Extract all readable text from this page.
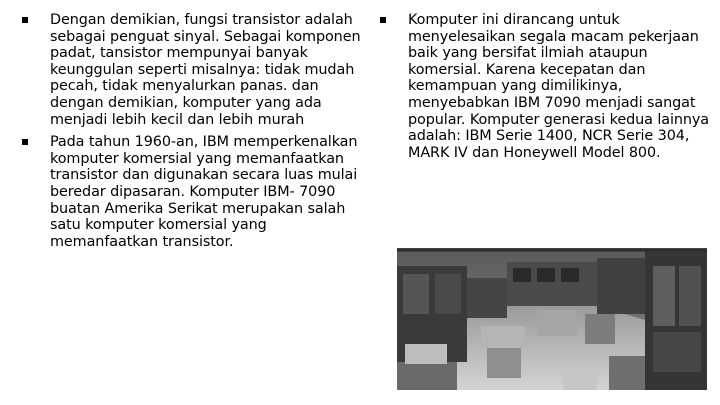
Dengan demikian, fungsi transistor adalah sebagai penguat sinyal. Sebagai komponen padat, tansistor mempunyai banyak keunggulan seperti misalnya: tidak mudah pecah, tidak menyalurkan panas. dan dengan demikian, komputer yang ada menjadi lebih kecil dan lebih murah
Pada tahun 1960-an, IBM memperkenalkan komputer komersial yang memanfaatkan transistor dan digunakan secara luas mulai beredar dipasaran. Komputer IBM- 7090 buatan Amerika Serikat merupakan salah satu komputer komersial yang memanfaatkan transistor.
Komputer ini dirancang untuk menyelesaikan segala macam pekerjaan baik yang bersifat ilmiah ataupun komersial. Karena kecepatan dan kemampuan yang dimilikinya, menyebabkan IBM 7090 menjadi sangat popular. Komputer generasi kedua lainnya adalah: IBM Serie 1400, NCR Serie 304, MARK IV dan Honeywell Model 800.
